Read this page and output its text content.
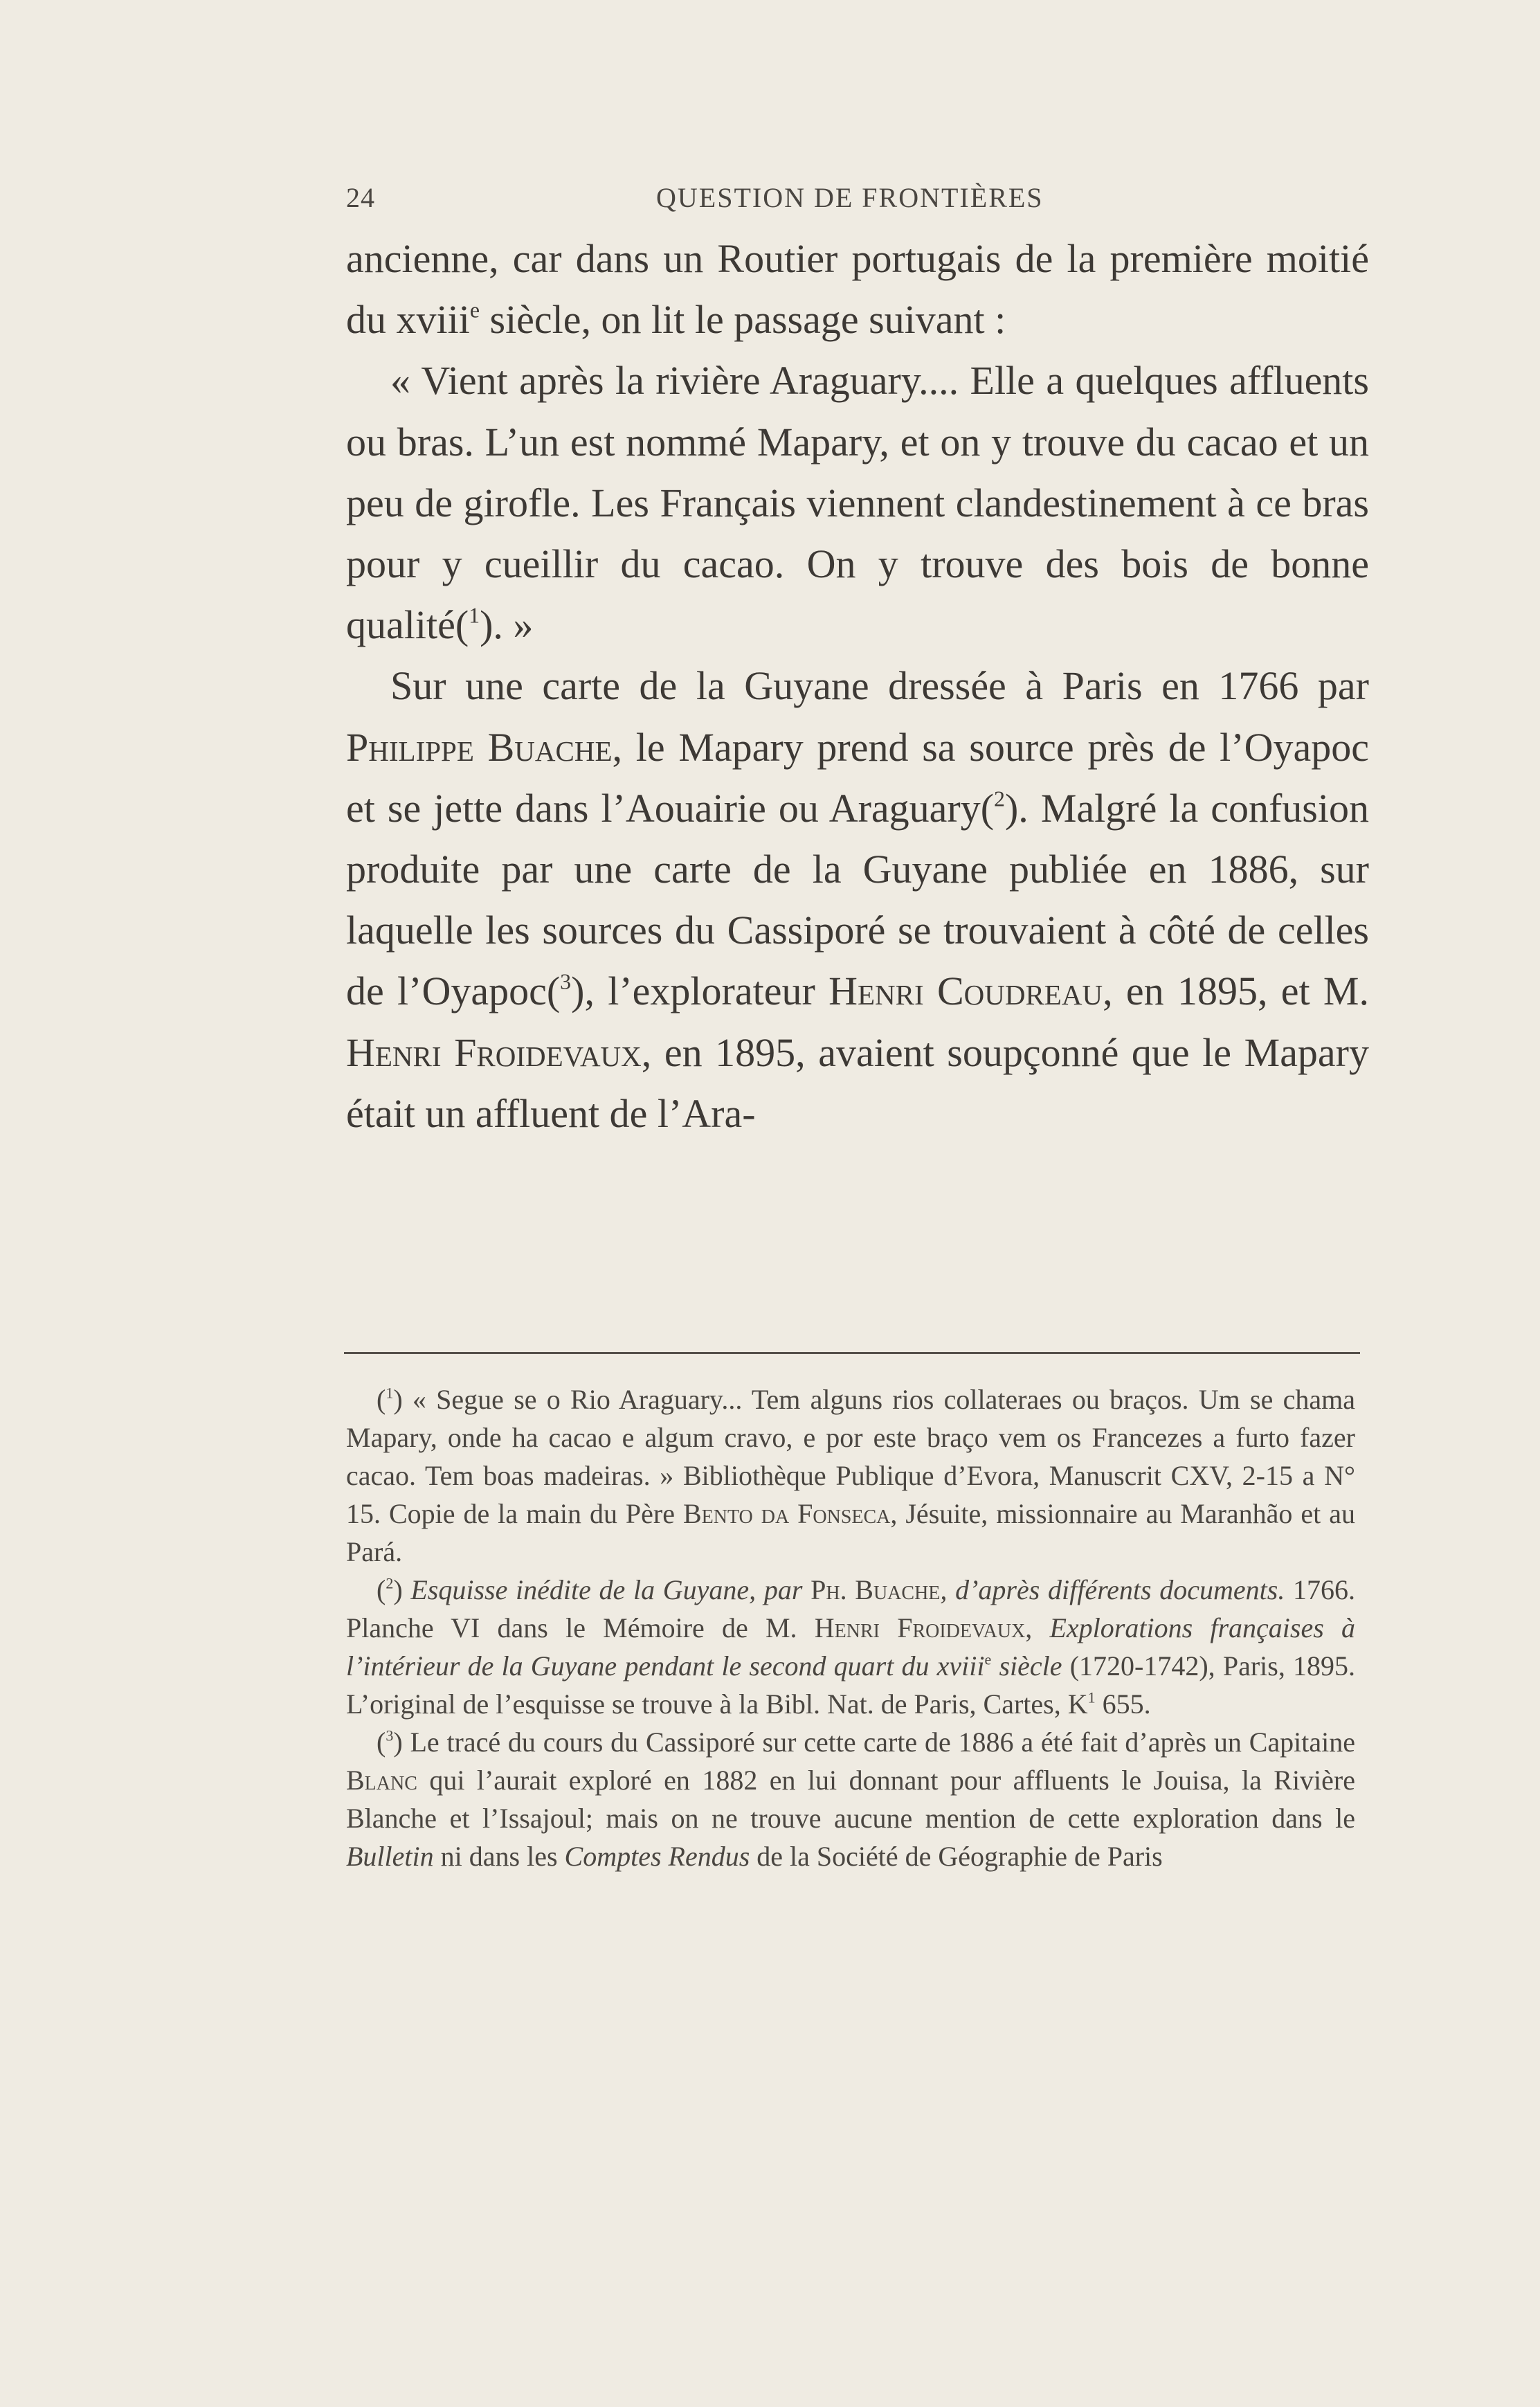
24	QUESTION DE FRONTIÈRES

ancienne, car dans un Routier portugais de la première moitié du xviii$^e$ siècle, on lit le passage suivant :

« Vient après la rivière Araguary.... Elle a quelques affluents ou bras. L’un est nommé Mapary, et on y trouve du cacao et un peu de girofle. Les Français viennent clandestinement à ce bras pour y cueillir du cacao. On y trouve des bois de bonne qualité($^1$). »

Sur une carte de la Guyane dressée à Paris en 1766 par Philippe Buache, le Mapary prend sa source près de l’Oyapoc et se jette dans l’Aouairie ou Araguary($^2$). Malgré la confusion produite par une carte de la Guyane publiée en 1886, sur laquelle les sources du Cassiporé se trouvaient à côté de celles de l’Oyapoc($^3$), l’explorateur Henri Coudreau, en 1895, et M. Henri Froidevaux, en 1895, avaient soupçonné que le Mapary était un affluent de l’Ara-

($^1$) « Segue se o Rio Araguary... Tem alguns rios collateraes ou braços. Um se chama Mapary, onde ha cacao e algum cravo, e por este braço vem os Francezes a furto fazer cacao. Tem boas madeiras. » Bibliothèque Publique d’Evora, Manuscrit CXV, 2-15 a N° 15. Copie de la main du Père Bento da Fonseca, Jésuite, missionnaire au Maranhão et au Pará.

($^2$) Esquisse inédite de la Guyane, par Ph. Buache, d’après différents documents. 1766. Planche VI dans le Mémoire de M. Henri Froidevaux, Explorations françaises à l’intérieur de la Guyane pendant le second quart du xviii$^e$ siècle (1720-1742), Paris, 1895. L’original de l’esquisse se trouve à la Bibl. Nat. de Paris, Cartes, $K^1$ 655.

($^3$) Le tracé du cours du Cassiporé sur cette carte de 1886 a été fait d’après un Capitaine Blanc qui l’aurait exploré en 1882 en lui donnant pour affluents le Jouisa, la Rivière Blanche et l’Issajoul; mais on ne trouve aucune mention de cette exploration dans le Bulletin ni dans les Comptes Rendus de la Société de Géographie de Paris
